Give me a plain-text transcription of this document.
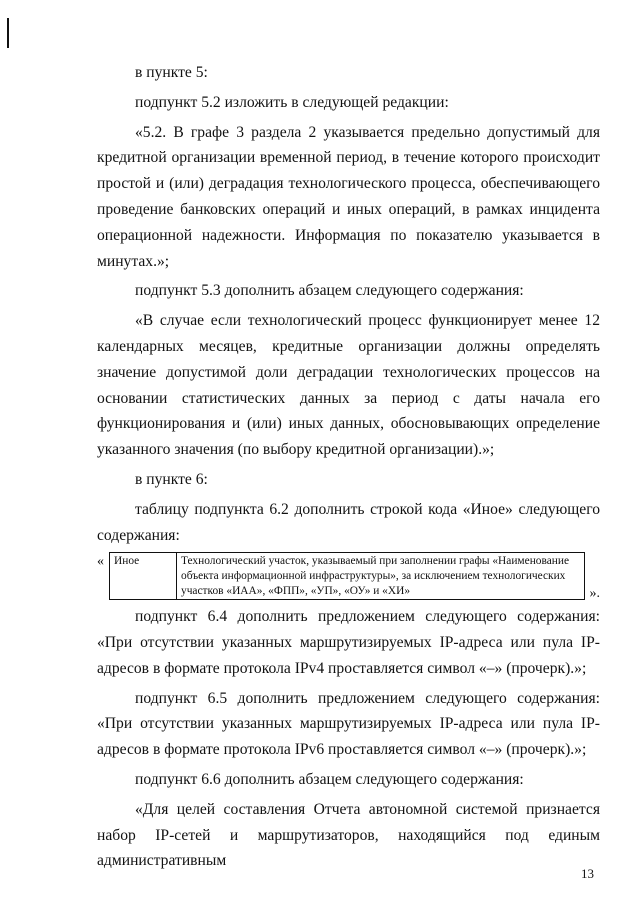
в пункте 5:

подпункт 5.2 изложить в следующей редакции:

«5.2. В графе 3 раздела 2 указывается предельно допустимый для кредитной организации временной период, в течение которого происходит простой и (или) деградация технологического процесса, обеспечивающего проведение банковских операций и иных операций, в рамках инцидента операционной надежности. Информация по показателю указывается в минутах.»;

подпункт 5.3 дополнить абзацем следующего содержания:

«В случае если технологический процесс функционирует менее 12 календарных месяцев, кредитные организации должны определять значение допустимой доли деградации технологических процессов на основании статистических данных за период с даты начала его функционирования и (или) иных данных, обосновывающих определение указанного значения (по выбору кредитной организации).»;

в пункте 6:

таблицу подпункта 6.2 дополнить строкой кода «Иное» следующего содержания:

« Иное	Технологический участок, указываемый при заполнении графы «Наименование объекта информационной инфраструктуры», за исключением технологических участков «ИАА», «ФПП», «УП», «ОУ» и «ХИ»	».

подпункт 6.4 дополнить предложением следующего содержания: «При отсутствии указанных маршрутизируемых IP-адреса или пула IP-адресов в формате протокола IPv4 проставляется символ «–» (прочерк).»;

подпункт 6.5 дополнить предложением следующего содержания: «При отсутствии указанных маршрутизируемых IP-адреса или пула IP-адресов в формате протокола IPv6 проставляется символ «–» (прочерк).»;

подпункт 6.6 дополнить абзацем следующего содержания:

«Для целей составления Отчета автономной системой признается набор IP-сетей и маршрутизаторов, находящийся под единым административным

13
